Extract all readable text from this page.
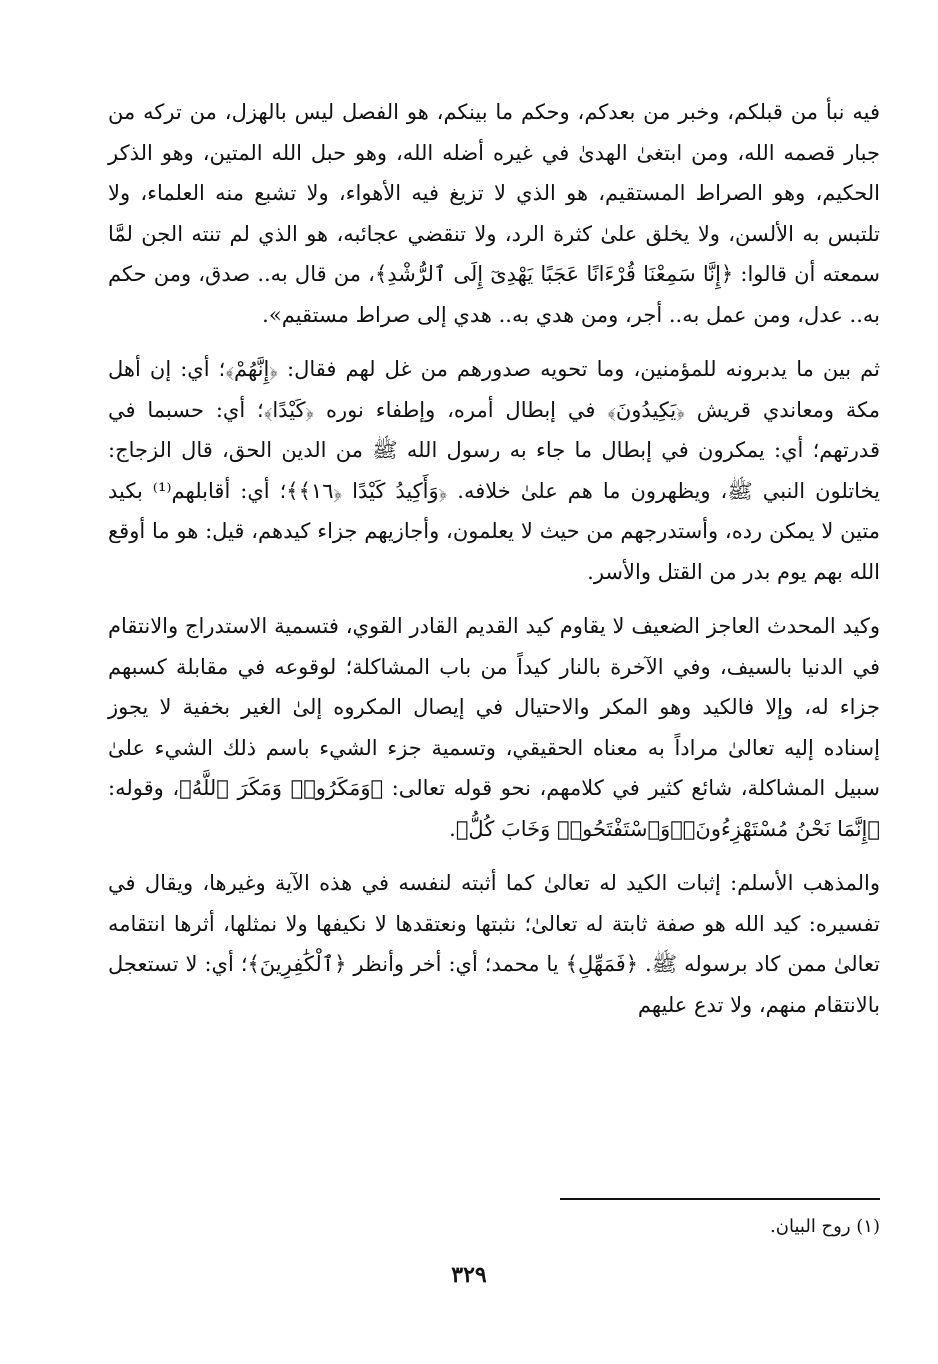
فيه نبأ من قبلكم، وخبر من بعدكم، وحكم ما بينكم، هو الفصل ليس بالهزل، من تركه من جبار قصمه الله، ومن ابتغىٰ الهدىٰ في غيره أضله الله، وهو حبل الله المتين، وهو الذكر الحكيم، وهو الصراط المستقيم، هو الذي لا تزيغ فيه الأهواء، ولا تشبع منه العلماء، ولا تلتبس به الألسن، ولا يخلق علىٰ كثرة الرد، ولا تنقضي عجائبه، هو الذي لم تنته الجن لمَّا سمعته أن قالوا: ﴿إِنَّا سَمِعْنَا قُرْءَانًا عَجَبًا يَهْدِىٓ إِلَى ٱلرُّشْدِ﴾، من قال به.. صدق، ومن حكم به.. عدل، ومن عمل به.. أجر، ومن هدي به.. هدي إلى صراط مستقيم».

ثم بين ما يدبرونه للمؤمنين، وما تحويه صدورهم من غل لهم فقال: ﴿إِنَّهُمْ﴾؛ أي: إن أهل مكة ومعاندي قريش ﴿يَكِيدُونَ﴾ في إبطال أمره، وإطفاء نوره ﴿كَيْدًا﴾؛ أي: حسبما في قدرتهم؛ أي: يمكرون في إبطال ما جاء به رسول الله ﷺ من الدين الحق، قال الزجاج: يخاتلون النبي ﷺ، ويظهرون ما هم علىٰ خلافه. ﴿وَأَكِيدُ كَيْدًا ﴿١٦﴾﴾؛ أي: أقابلهم⁽¹⁾ بكيد متين لا يمكن رده، وأستدرجهم من حيث لا يعلمون، وأجازيهم جزاء كيدهم، قيل: هو ما أوقع الله بهم يوم بدر من القتل والأسر.

وكيد المحدث العاجز الضعيف لا يقاوم كيد القديم القادر القوي، فتسمية الاستدراج والانتقام في الدنيا بالسيف، وفي الآخرة بالنار كيداً من باب المشاكلة؛ لوقوعه في مقابلة كسبهم جزاء له، وإلا فالكيد وهو المكر والاحتيال في إيصال المكروه إلىٰ الغير بخفية لا يجوز إسناده إليه تعالىٰ مراداً به معناه الحقيقي، وتسمية جزء الشيء باسم ذلك الشيء علىٰ سبيل المشاكلة، شائع كثير في كلامهم، نحو قوله تعالى: ﴿وَمَكَرُوا۟ وَمَكَرَ ٱللَّهُ﴾، وقوله: ﴿إِنَّمَا نَحْنُ مُسْتَهْزِءُونَ﴾﴿وَٱسْتَفْتَحُوا۟ وَخَابَ كُلُّ﴾.

والمذهب الأسلم: إثبات الكيد له تعالىٰ كما أثبته لنفسه في هذه الآية وغيرها، ويقال في تفسيره: كيد الله هو صفة ثابتة له تعالىٰ؛ نثبتها ونعتقدها لا نكيفها ولا نمثلها، أثرها انتقامه تعالىٰ ممن كاد برسوله ﷺ. ﴿فَمَهِّلِ﴾ يا محمد؛ أي: أخر وأنظر ﴿ٱلْكَٰفِرِينَ﴾؛ أي: لا تستعجل بالانتقام منهم، ولا تدع عليهم

(١) روح البيان.
٣٢٩
